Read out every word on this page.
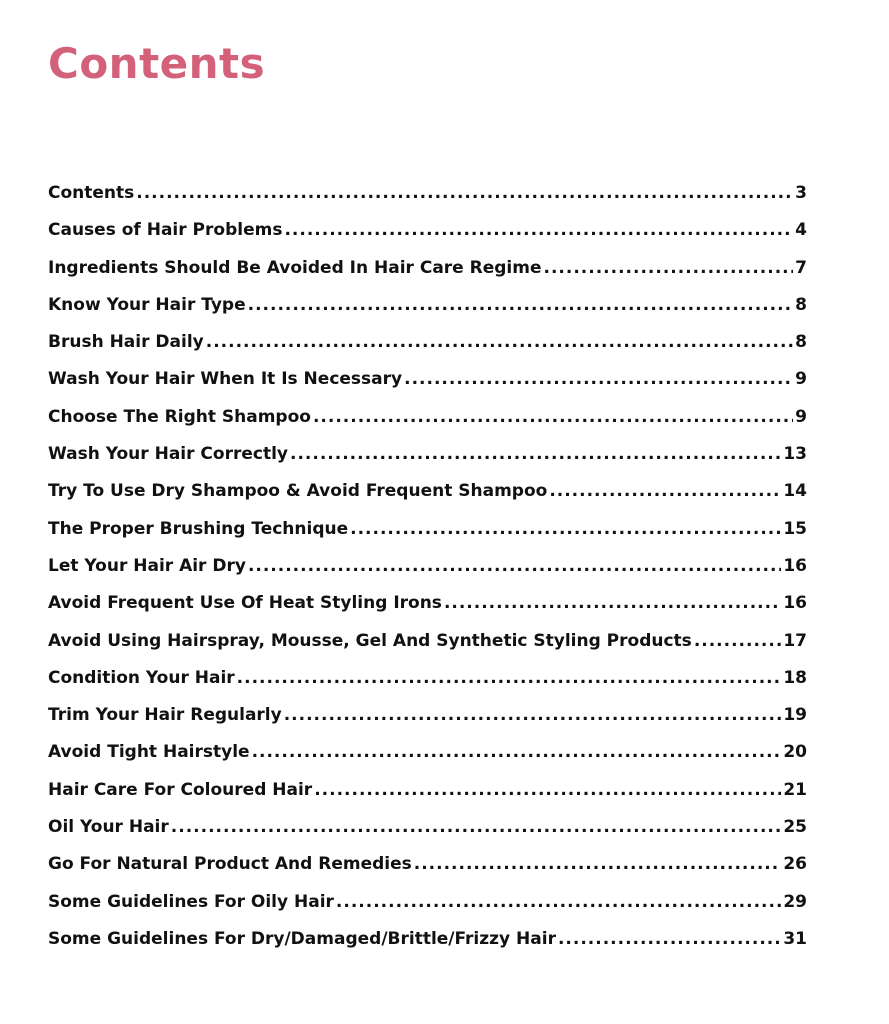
Contents
Contents .....	3
Causes of Hair Problems .....	4
Ingredients Should Be Avoided In Hair Care Regime .....	7
Know Your Hair Type .....	8
Brush Hair Daily .....	8
Wash Your Hair When It Is Necessary .....	9
Choose The Right Shampoo .....	9
Wash Your Hair Correctly .....	13
Try To Use Dry Shampoo & Avoid Frequent Shampoo .....	14
The Proper Brushing Technique .....	15
Let Your Hair Air Dry .....	16
Avoid Frequent Use Of Heat Styling Irons .....	16
Avoid Using Hairspray, Mousse, Gel And Synthetic Styling Products .....	17
Condition Your Hair .....	18
Trim Your Hair Regularly .....	19
Avoid Tight Hairstyle .....	20
Hair Care For Coloured Hair .....	21
Oil Your Hair .....	25
Go For Natural Product And Remedies .....	26
Some Guidelines For Oily Hair .....	29
Some Guidelines For Dry/Damaged/Brittle/Frizzy Hair .....	31
